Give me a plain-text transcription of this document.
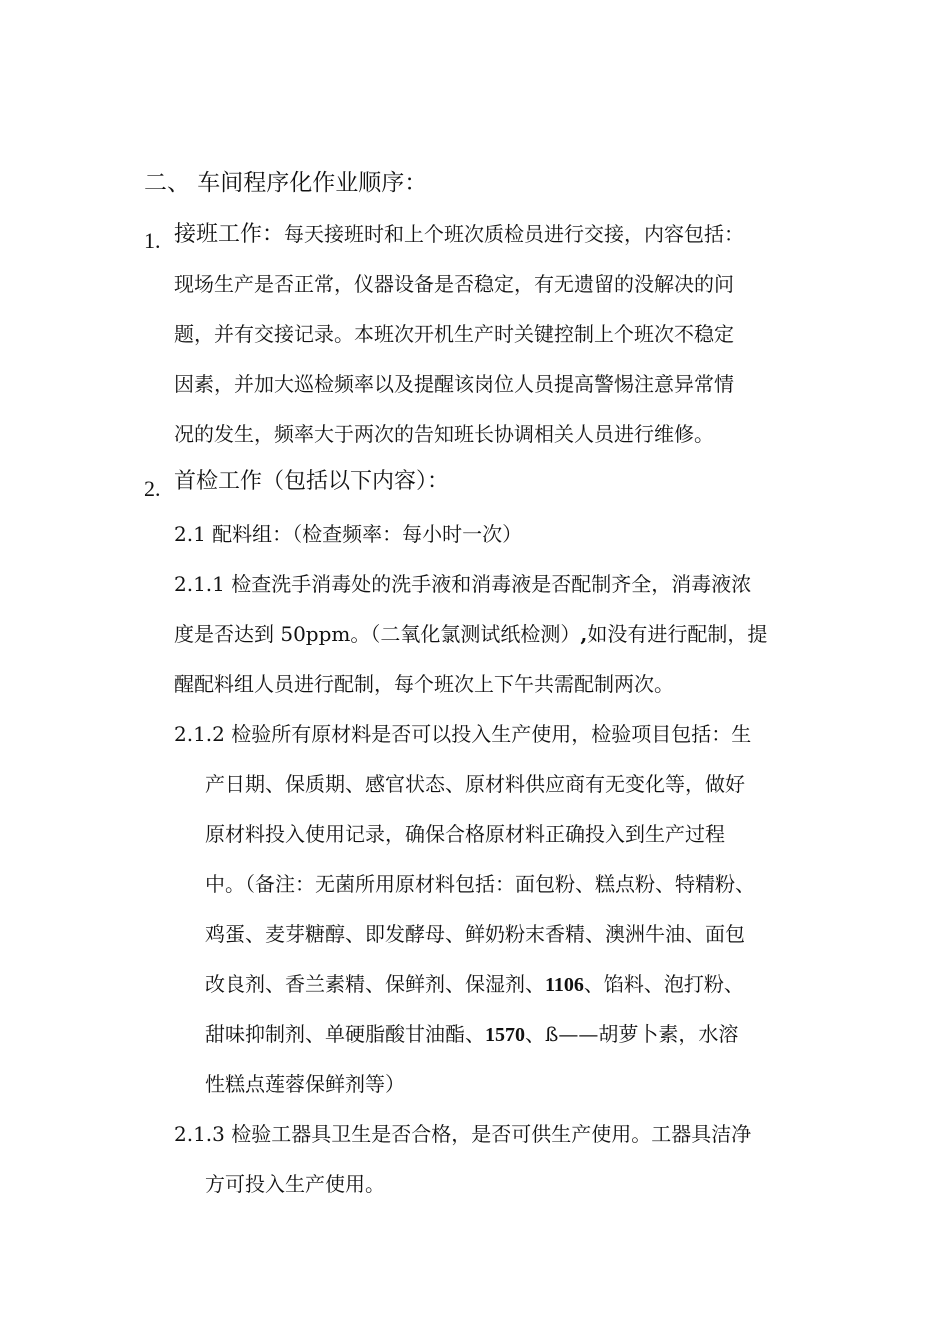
二、 车间程序化作业顺序：
1. 接班工作：每天接班时和上个班次质检员进行交接，内容包括：
现场生产是否正常，仪器设备是否稳定，有无遗留的没解决的问
题，并有交接记录。本班次开机生产时关键控制上个班次不稳定
因素，并加大巡检频率以及提醒该岗位人员提高警惕注意异常情
况的发生，频率大于两次的告知班长协调相关人员进行维修。
2. 首检工作（包括以下内容）：
2.1 配料组：（检查频率：每小时一次）
2.1.1 检查洗手消毒处的洗手液和消毒液是否配制齐全，消毒液浓
度是否达到 50ppm。（二氧化氯测试纸检测）,如没有进行配制，提
醒配料组人员进行配制，每个班次上下午共需配制两次。
2.1.2 检验所有原材料是否可以投入生产使用，检验项目包括：生
产日期、保质期、感官状态、原材料供应商有无变化等，做好
原材料投入使用记录，确保合格原材料正确投入到生产过程
中。（备注：无菌所用原材料包括：面包粉、糕点粉、特精粉、
鸡蛋、麦芽糖醇、即发酵母、鲜奶粉末香精、澳洲牛油、面包
改良剂、香兰素精、保鲜剂、保湿剂、1106、馅料、泡打粉、
甜味抑制剂、单硬脂酸甘油酯、1570、ß——胡萝卜素，水溶
性糕点莲蓉保鲜剂等）
2.1.3 检验工器具卫生是否合格，是否可供生产使用。工器具洁净
方可投入生产使用。
